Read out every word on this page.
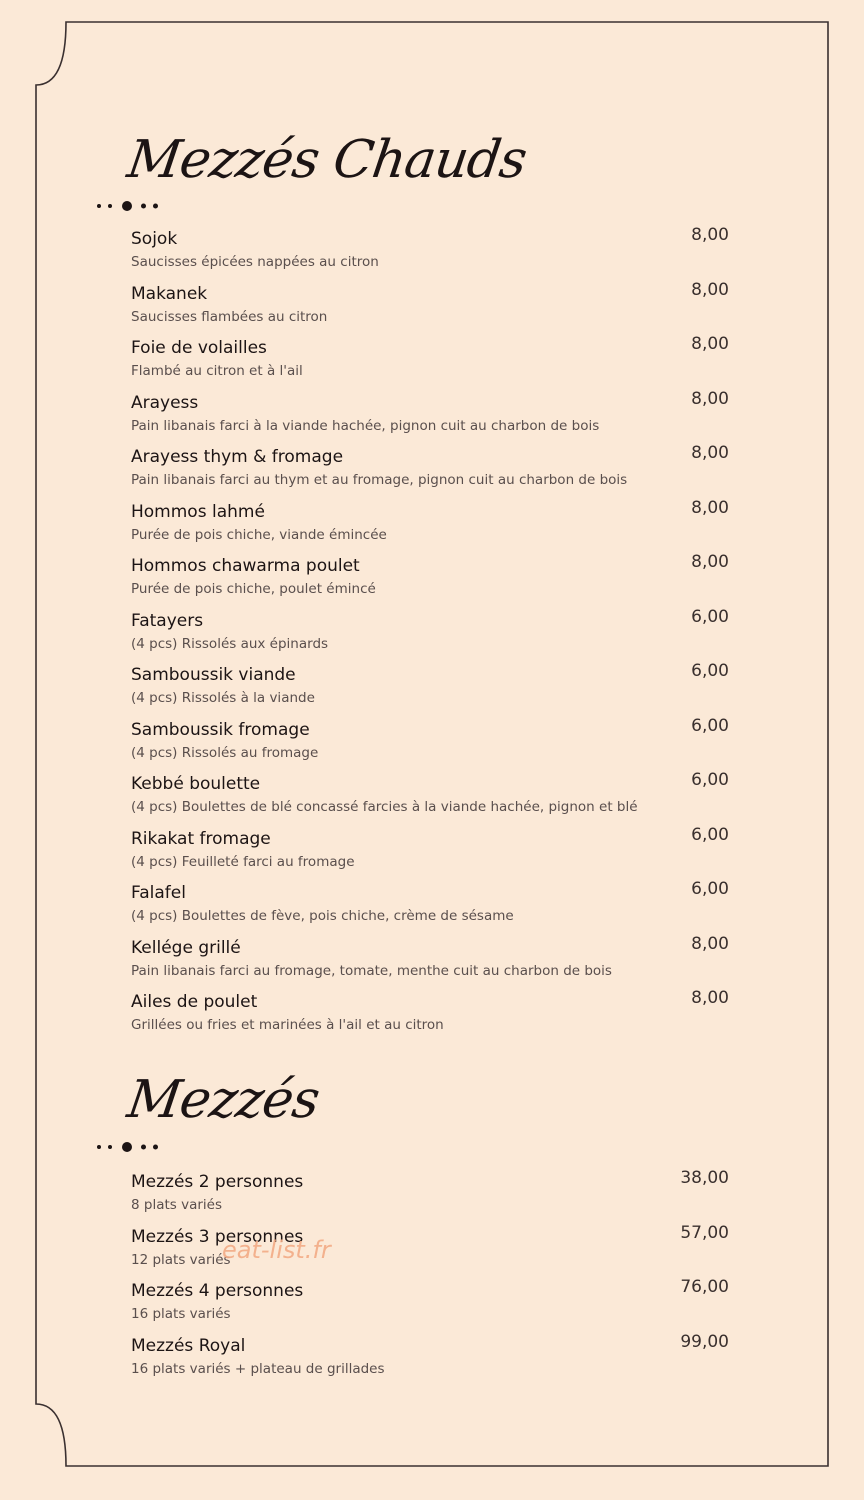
Mezzés Chauds
Sojok
Saucisses épicées nappées au citron
8,00
Makanek
Saucisses flambées au citron
8,00
Foie de volailles
Flambé au citron et à l'ail
8,00
Arayess
Pain libanais farci à la viande hachée, pignon cuit au charbon de bois
8,00
Arayess thym & fromage
Pain libanais farci au thym et au fromage, pignon cuit au charbon de bois
8,00
Hommos lahmé
Purée de pois chiche, viande émincée
8,00
Hommos chawarma poulet
Purée de pois chiche, poulet émincé
8,00
Fatayers
(4 pcs) Rissolés aux épinards
6,00
Samboussik viande
(4 pcs) Rissolés à la viande
6,00
Samboussik fromage
(4 pcs) Rissolés au fromage
6,00
Kebbé boulette
(4 pcs) Boulettes de blé concassé farcies à la viande hachée, pignon et blé
6,00
Rikakat fromage
(4 pcs) Feuilleté farci au fromage
6,00
Falafel
(4 pcs) Boulettes de fève, pois chiche, crème de sésame
6,00
Kellége grillé
Pain libanais farci au fromage, tomate, menthe cuit au charbon de bois
8,00
Ailes de poulet
Grillées ou fries et marinées à l'ail et au citron
8,00
Mezzés
Mezzés 2 personnes
8 plats variés
38,00
Mezzés 3 personnes
12 plats variés
57,00
Mezzés 4 personnes
16 plats variés
76,00
Mezzés Royal
16 plats variés + plateau de grillades
99,00
eat-list.fr
